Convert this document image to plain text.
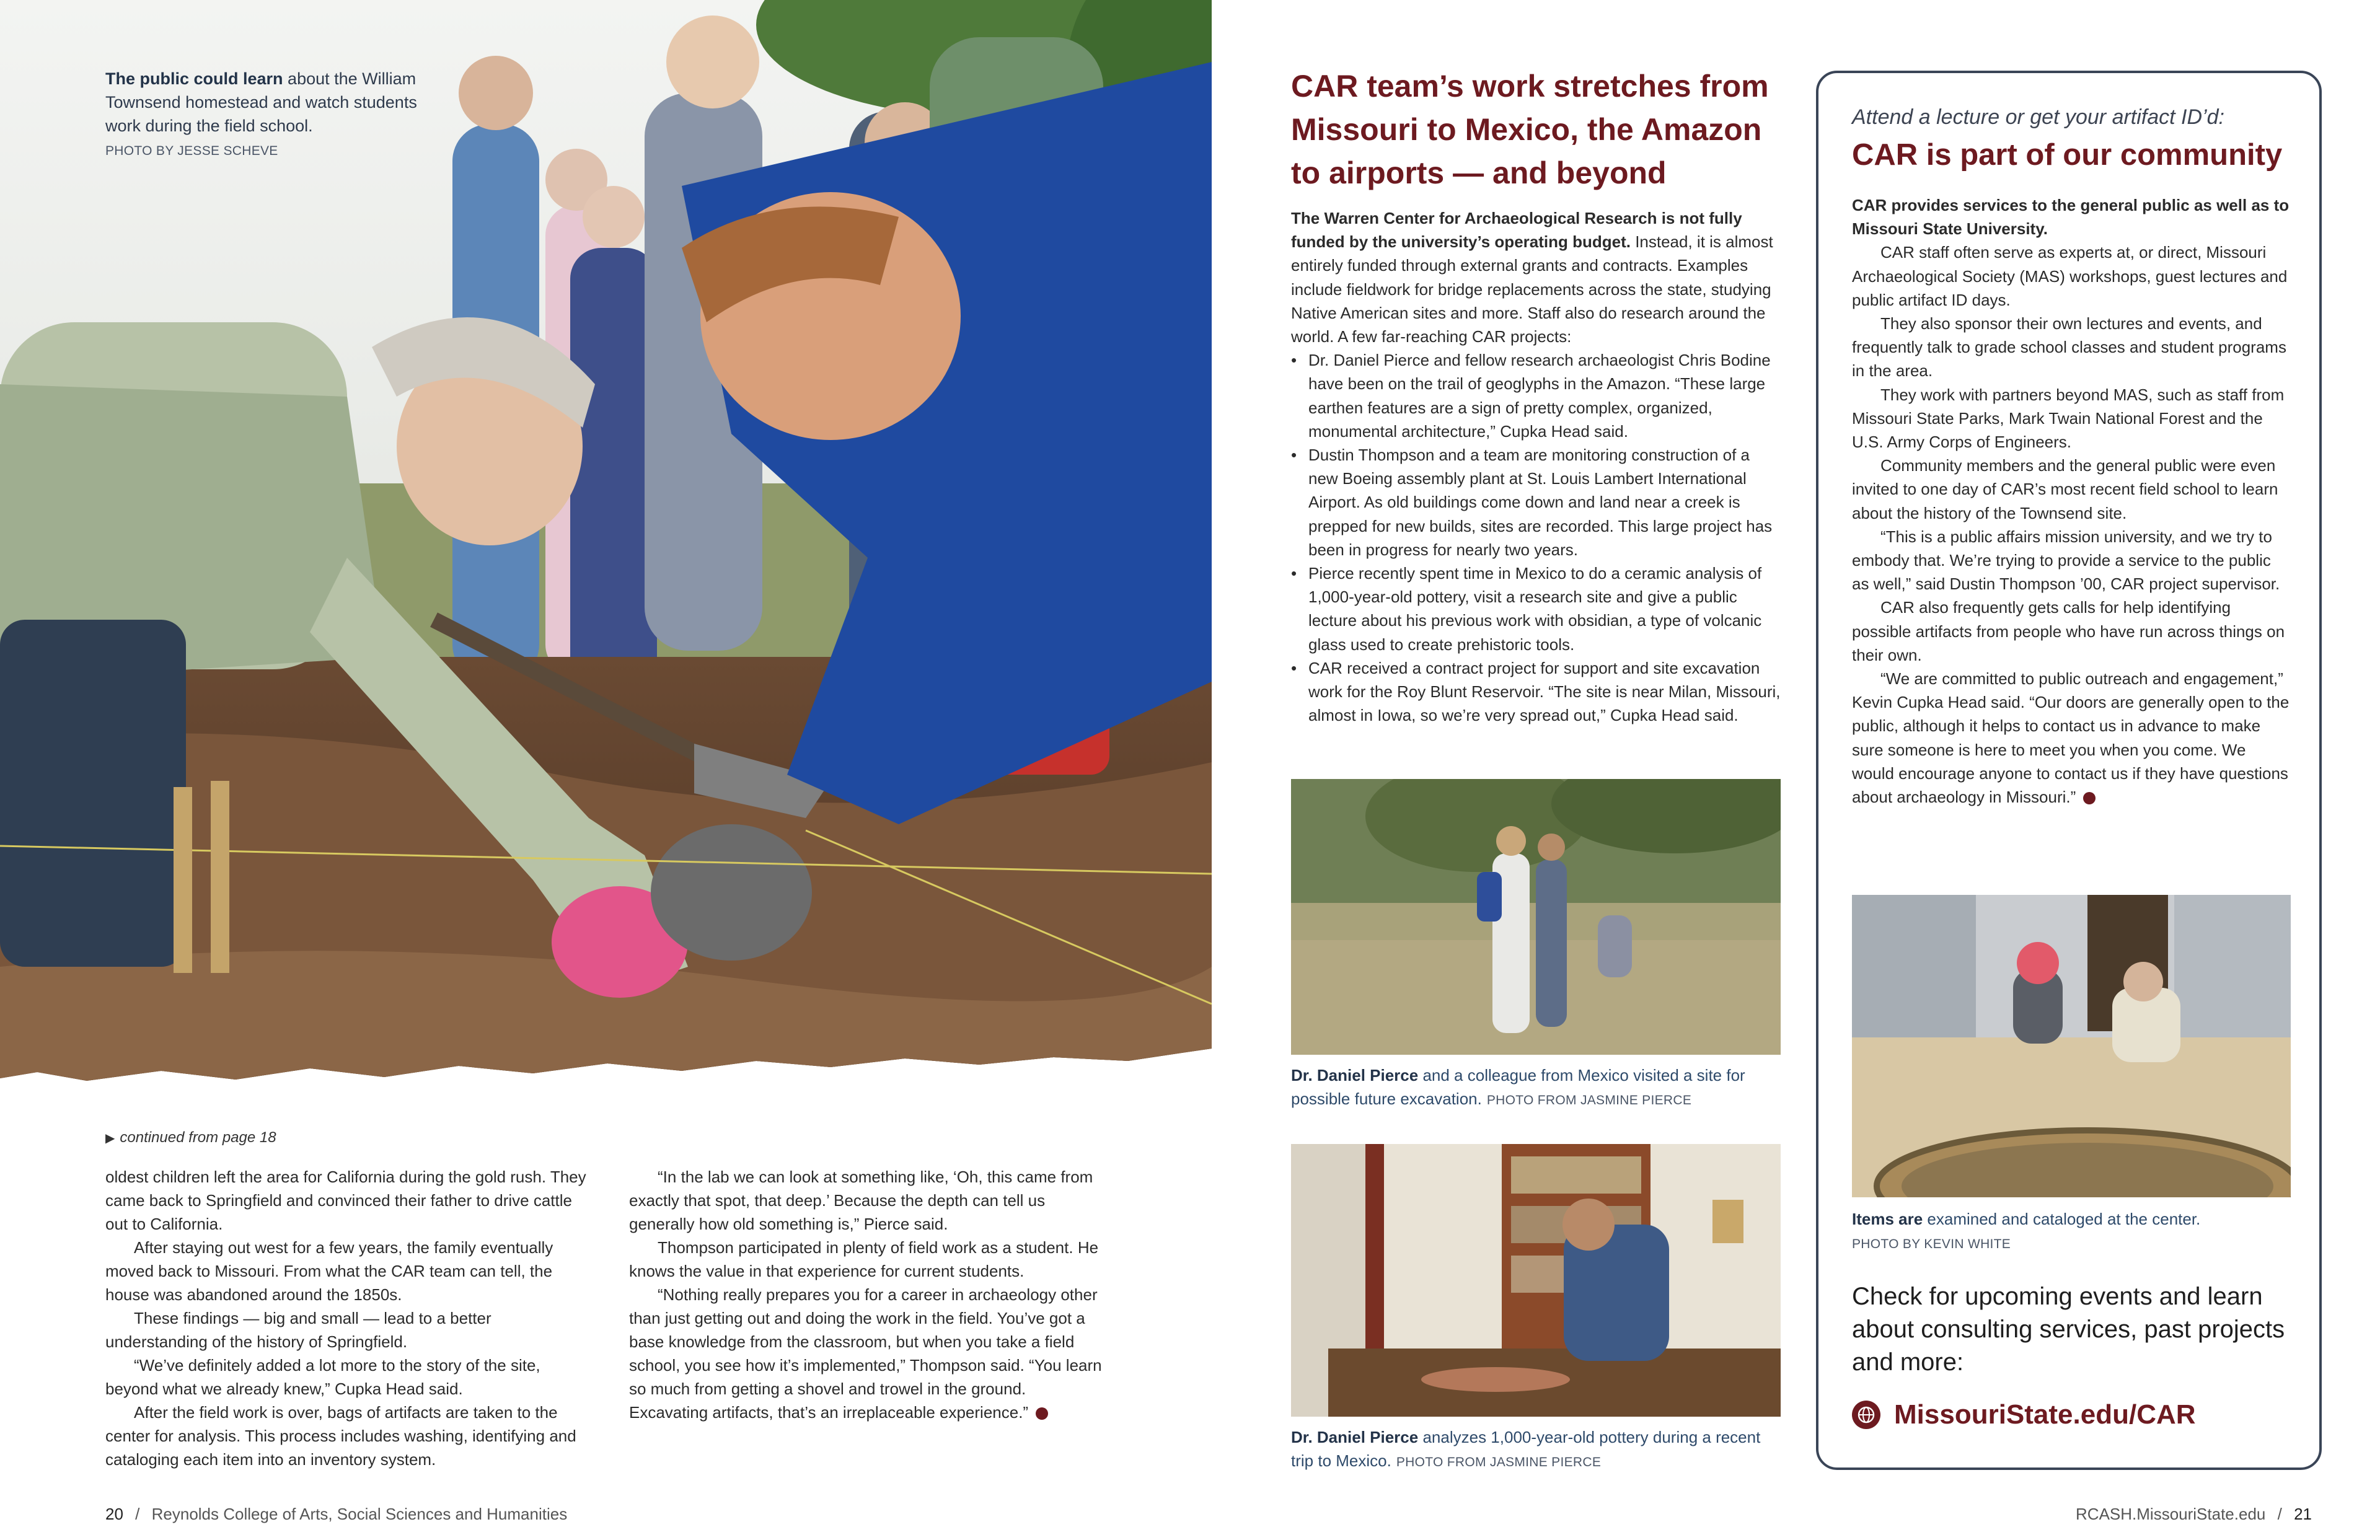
The public could learn about the William Townsend homestead and watch students work during the field school.
PHOTO BY JESSE SCHEVE
▶ continued from page 18

oldest children left the area for California during the gold rush. They came back to Springfield and convinced their father to drive cattle out to California.

After staying out west for a few years, the family eventually moved back to Missouri. From what the CAR team can tell, the house was abandoned around the 1850s.

These findings — big and small — lead to a better understanding of the history of Springfield.

“We’ve definitely added a lot more to the story of the site, beyond what we already knew,” Cupka Head said.

After the field work is over, bags of artifacts are taken to the center for analysis. This process includes washing, identifying and cataloging each item into an inventory system.

“In the lab we can look at something like, ‘Oh, this came from exactly that spot, that deep.’ Because the depth can tell us generally how old something is,” Pierce said.

Thompson participated in plenty of field work as a student. He knows the value in that experience for current students.

“Nothing really prepares you for a career in archaeology other than just getting out and doing the work in the field. You’ve got a base knowledge from the classroom, but when you take a field school, you see how it’s implemented,” Thompson said. “You learn so much from getting a shovel and trowel in the ground. Excavating artifacts, that’s an irreplaceable experience.”

20 / Reynolds College of Arts, Social Sciences and Humanities
CAR team’s work stretches from Missouri to Mexico, the Amazon to airports — and beyond

The Warren Center for Archaeological Research is not fully funded by the university’s operating budget. Instead, it is almost entirely funded through external grants and contracts. Examples include fieldwork for bridge replacements across the state, studying Native American sites and more. Staff also do research around the world. A few far-reaching CAR projects:

• Dr. Daniel Pierce and fellow research archaeologist Chris Bodine have been on the trail of geoglyphs in the Amazon. “These large earthen features are a sign of pretty complex, organized, monumental architecture,” Cupka Head said.
• Dustin Thompson and a team are monitoring construction of a new Boeing assembly plant at St. Louis Lambert International Airport. As old buildings come down and land near a creek is prepped for new builds, sites are recorded. This large project has been in progress for nearly two years.
• Pierce recently spent time in Mexico to do a ceramic analysis of 1,000-year-old pottery, visit a research site and give a public lecture about his previous work with obsidian, a type of volcanic glass used to create prehistoric tools.
• CAR received a contract project for support and site excavation work for the Roy Blunt Reservoir. “The site is near Milan, Missouri, almost in Iowa, so we’re very spread out,” Cupka Head said.
Dr. Daniel Pierce and a colleague from Mexico visited a site for possible future excavation. PHOTO FROM JASMINE PIERCE
Dr. Daniel Pierce analyzes 1,000-year-old pottery during a recent trip to Mexico. PHOTO FROM JASMINE PIERCE
Attend a lecture or get your artifact ID’d:
CAR is part of our community

CAR provides services to the general public as well as to Missouri State University.

CAR staff often serve as experts at, or direct, Missouri Archaeological Society (MAS) workshops, guest lectures and public artifact ID days.

They also sponsor their own lectures and events, and frequently talk to grade school classes and student programs in the area.

They work with partners beyond MAS, such as staff from Missouri State Parks, Mark Twain National Forest and the U.S. Army Corps of Engineers.

Community members and the general public were even invited to one day of CAR’s most recent field school to learn about the history of the Townsend site.

“This is a public affairs mission university, and we try to embody that. We’re trying to provide a service to the public as well,” said Dustin Thompson ’00, CAR project supervisor.

CAR also frequently gets calls for help identifying possible artifacts from people who have run across things on their own.

“We are committed to public outreach and engagement,” Kevin Cupka Head said. “Our doors are generally open to the public, although it helps to contact us in advance to make sure someone is here to meet you when you come. We would encourage anyone to contact us if they have questions about archaeology in Missouri.”

Items are examined and cataloged at the center.
PHOTO BY KEVIN WHITE
Check for upcoming events and learn about consulting services, past projects and more:
MissouriState.edu/CAR
RCASH.MissouriState.edu / 21
